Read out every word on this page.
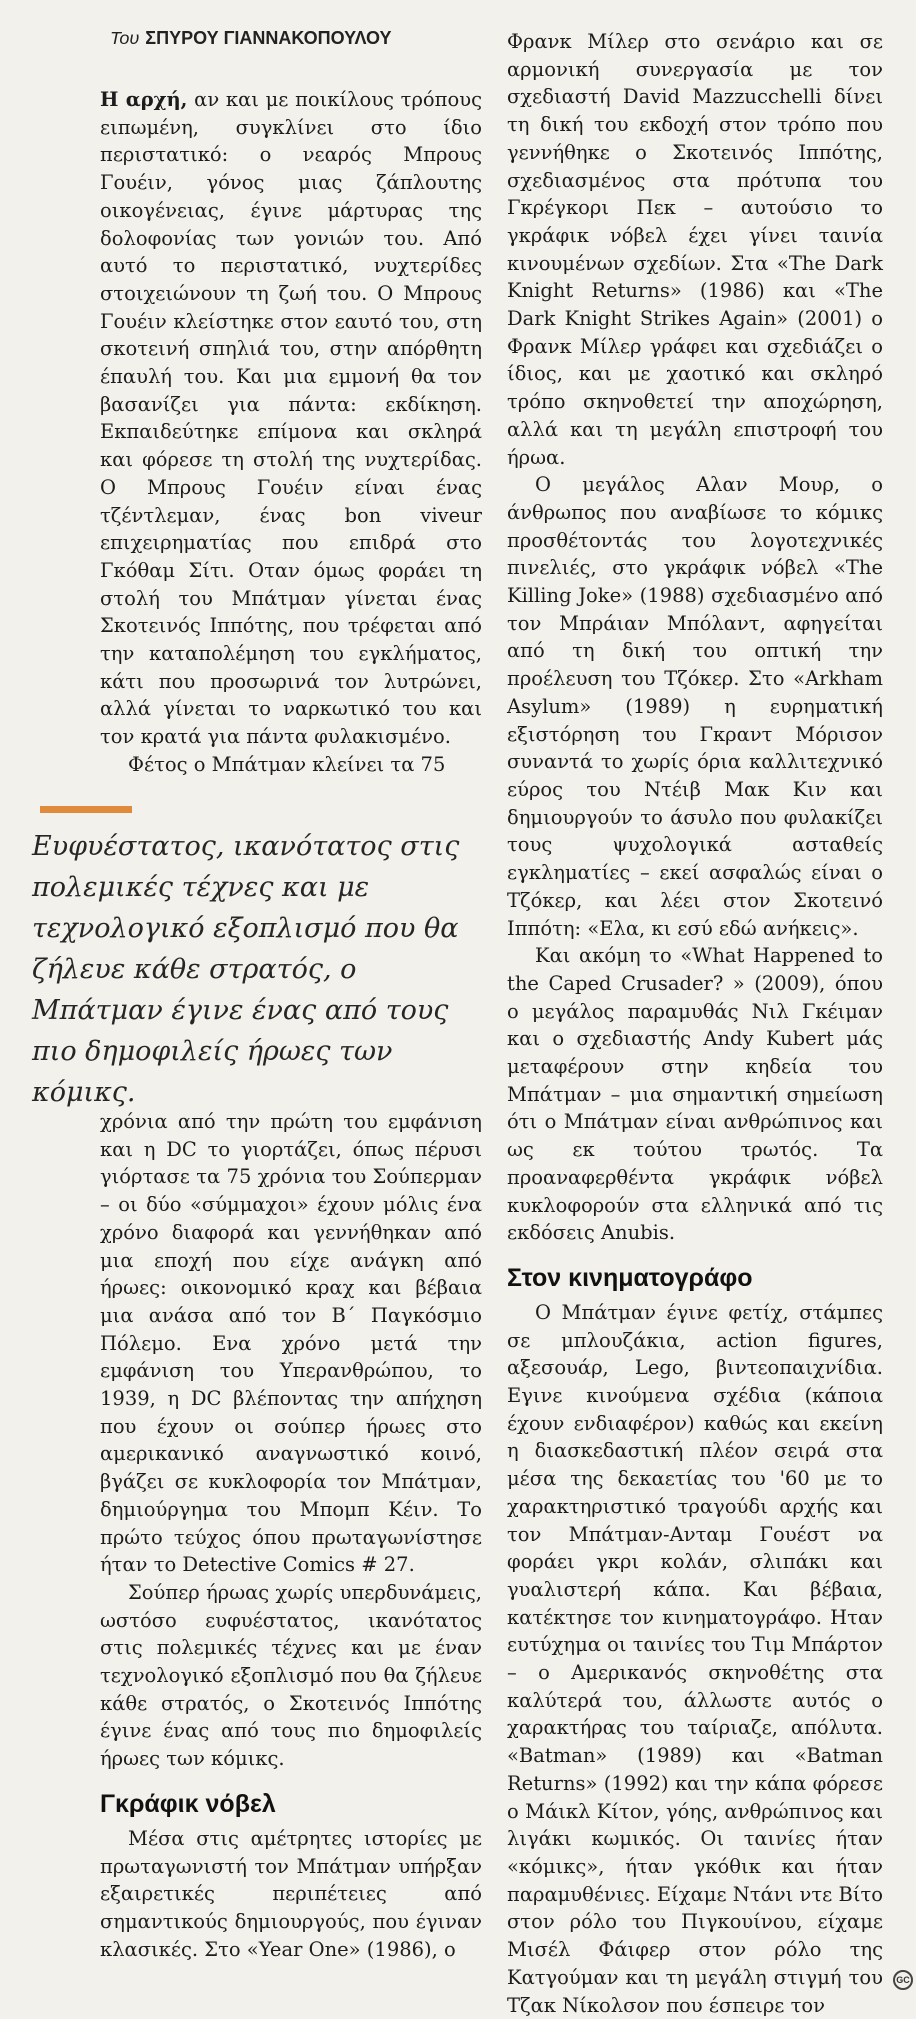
Του ΣΠΥΡΟΥ ΓΙΑΝΝΑΚΟΠΟΥΛΟΥ

Η αρχή, αν και με ποικίλους τρόπους ειπωμένη, συγκλίνει στο ίδιο περιστατικό: ο νεαρός Μπρους Γουέιν, γόνος μιας ζάπλουτης οικογένειας, έγινε μάρτυρας της δολοφονίας των γονιών του. Από αυτό το περιστατικό, νυχτερίδες στοιχειώνουν τη ζωή του. Ο Μπρους Γουέιν κλείστηκε στον εαυτό του, στη σκοτεινή σπηλιά του, στην απόρθητη έπαυλή του. Και μια εμμονή θα τον βασανίζει για πάντα: εκδίκηση. Εκπαιδεύτηκε επίμονα και σκληρά και φόρεσε τη στολή της νυχτερίδας. Ο Μπρους Γουέιν είναι ένας τζέντλεμαν, ένας bon viveur επιχειρηματίας που επιδρά στο Γκόθαμ Σίτι. Οταν όμως φοράει τη στολή του Μπάτμαν γίνεται ένας Σκοτεινός Ιππότης, που τρέφεται από την καταπολέμηση του εγκλήματος, κάτι που προσωρινά τον λυτρώνει, αλλά γίνεται το ναρκωτικό του και τον κρατά για πάντα φυλακισμένο.

Φέτος ο Μπάτμαν κλείνει τα 75

Ευφυέστατος, ικανότατος στις πολεμικές τέχνες και με τεχνολογικό εξοπλισμό που θα ζήλευε κάθε στρατός, ο Μπάτμαν έγινε ένας από τους πιο δημοφιλείς ήρωες των κόμικς.

χρόνια από την πρώτη του εμφάνιση και η DC το γιορτάζει, όπως πέρυσι γιόρτασε τα 75 χρόνια του Σούπερμαν – οι δύο «σύμμαχοι» έχουν μόλις ένα χρόνο διαφορά και γεννήθηκαν από μια εποχή που είχε ανάγκη από ήρωες: οικονομικό κραχ και βέβαια μια ανάσα από τον Β΄ Παγκόσμιο Πόλεμο. Ενα χρόνο μετά την εμφάνιση του Υπερανθρώπου, το 1939, η DC βλέποντας την απήχηση που έχουν οι σούπερ ήρωες στο αμερικανικό αναγνωστικό κοινό, βγάζει σε κυκλοφορία τον Μπάτμαν, δημιούργημα του Μπομπ Κέιν. Το πρώτο τεύχος όπου πρωταγωνίστησε ήταν το Detective Comics # 27.

Σούπερ ήρωας χωρίς υπερδυνάμεις, ωστόσο ευφυέστατος, ικανότατος στις πολεμικές τέχνες και με έναν τεχνολογικό εξοπλισμό που θα ζήλευε κάθε στρατός, ο Σκοτεινός Ιππότης έγινε ένας από τους πιο δημοφιλείς ήρωες των κόμικς.

Γκράφικ νόβελ

Μέσα στις αμέτρητες ιστορίες με πρωταγωνιστή τον Μπάτμαν υπήρξαν εξαιρετικές περιπέτειες από σημαντικούς δημιουργούς, που έγιναν κλασικές. Στο «Year One» (1986), ο

Φρανκ Μίλερ στο σενάριο και σε αρμονική συνεργασία με τον σχεδιαστή David Mazzucchelli δίνει τη δική του εκδοχή στον τρόπο που γεννήθηκε ο Σκοτεινός Ιππότης, σχεδιασμένος στα πρότυπα του Γκρέγκορι Πεκ – αυτούσιο το γκράφικ νόβελ έχει γίνει ταινία κινουμένων σχεδίων. Στα «The Dark Knight Returns» (1986) και «The Dark Knight Strikes Again» (2001) ο Φρανκ Μίλερ γράφει και σχεδιάζει ο ίδιος, και με χαοτικό και σκληρό τρόπο σκηνοθετεί την αποχώρηση, αλλά και τη μεγάλη επιστροφή του ήρωα.

Ο μεγάλος Αλαν Μουρ, ο άνθρωπος που αναβίωσε το κόμικς προσθέτοντάς του λογοτεχνικές πινελιές, στο γκράφικ νόβελ «The Killing Joke» (1988) σχεδιασμένο από τον Μπράιαν Μπόλαντ, αφηγείται από τη δική του οπτική την προέλευση του Τζόκερ. Στο «Arkham Asylum» (1989) η ευρηματική εξιστόρηση του Γκραντ Μόρισον συναντά το χωρίς όρια καλλιτεχνικό εύρος του Ντέιβ Μακ Κιν και δημιουργούν το άσυλο που φυλακίζει τους ψυχολογικά ασταθείς εγκληματίες – εκεί ασφαλώς είναι ο Τζόκερ, και λέει στον Σκοτεινό Ιππότη: «Ελα, κι εσύ εδώ ανήκεις».

Και ακόμη το «What Happened to the Caped Crusader? » (2009), όπου ο μεγάλος παραμυθάς Νιλ Γκέιμαν και ο σχεδιαστής Andy Kubert μάς μεταφέρουν στην κηδεία του Μπάτμαν – μια σημαντική σημείωση ότι ο Μπάτμαν είναι ανθρώπινος και ως εκ τούτου τρωτός. Τα προαναφερθέντα γκράφικ νόβελ κυκλοφορούν στα ελληνικά από τις εκδόσεις Anubis.

Στον κινηματογράφο

Ο Μπάτμαν έγινε φετίχ, στάμπες σε μπλουζάκια, action figures, αξεσουάρ, Lego, βιντεοπαιχνίδια. Εγινε κινούμενα σχέδια (κάποια έχουν ενδιαφέρον) καθώς και εκείνη η διασκεδαστική πλέον σειρά στα μέσα της δεκαετίας του '60 με το χαρακτηριστικό τραγούδι αρχής και τον Μπάτμαν-Ανταμ Γουέστ να φοράει γκρι κολάν, σλιπάκι και γυαλιστερή κάπα. Και βέβαια, κατέκτησε τον κινηματογράφο. Ηταν ευτύχημα οι ταινίες του Τιμ Μπάρτον – ο Αμερικανός σκηνοθέτης στα καλύτερά του, άλλωστε αυτός ο χαρακτήρας του ταίριαζε, απόλυτα. «Batman» (1989) και «Batman Returns» (1992) και την κάπα φόρεσε ο Μάικλ Κίτον, γόης, ανθρώπινος και λιγάκι κωμικός. Οι ταινίες ήταν «κόμικς», ήταν γκόθικ και ήταν παραμυθένιες. Είχαμε Ντάνι ντε Βίτο στον ρόλο του Πιγκουίνου, είχαμε Μισέλ Φάιφερ στον ρόλο της Κατγούμαν και τη μεγάλη στιγμή του Τζακ Νίκολσον που έσπειρε τον

GC
